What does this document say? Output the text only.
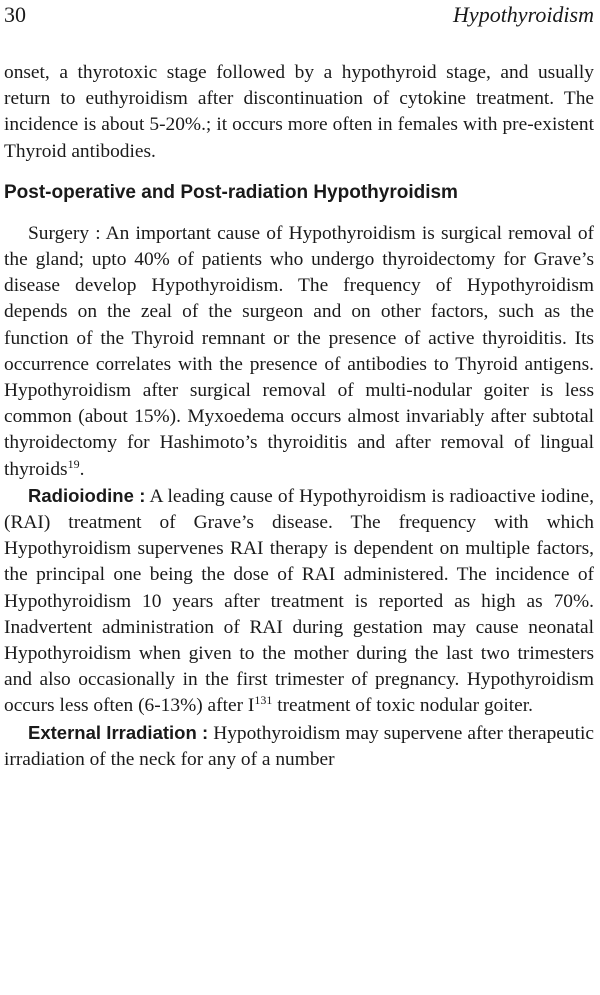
30	Hypothyroidism

onset, a thyrotoxic stage followed by a hypothyroid stage, and usually return to euthyroidism after discontinuation of cytokine treatment. The incidence is about 5-20%.; it occurs more often in females with pre-existent Thyroid antibodies.

Post-operative and Post-radiation Hypothyroidism

Surgery : An important cause of Hypothyroidism is surgical removal of the gland; upto 40% of patients who undergo thyroidectomy for Grave’s disease develop Hypothyroidism. The frequency of Hypothyroidism depends on the zeal of the surgeon and on other factors, such as the function of the Thyroid remnant or the presence of active thyroiditis. Its occurrence correlates with the presence of antibodies to Thyroid antigens. Hypothyroidism after surgical removal of multi-nodular goiter is less common (about 15%). Myxoedema occurs almost invariably after subtotal thyroidectomy for Hashimoto’s thyroiditis and after removal of lingual thyroids$^{19}$.

Radioiodine : A leading cause of Hypothyroidism is radioactive iodine, (RAI) treatment of Grave’s disease. The frequency with which Hypothyroidism supervenes RAI therapy is dependent on multiple factors, the principal one being the dose of RAI administered. The incidence of Hypothyroidism 10 years after treatment is reported as high as 70%. Inadvertent administration of RAI during gestation may cause neonatal Hypothyroidism when given to the mother during the last two trimesters and also occasionally in the first trimester of pregnancy. Hypothyroidism occurs less often (6-13%) after $I^{131}$ treatment of toxic nodular goiter.

External Irradiation : Hypothyroidism may supervene after therapeutic irradiation of the neck for any of a number
